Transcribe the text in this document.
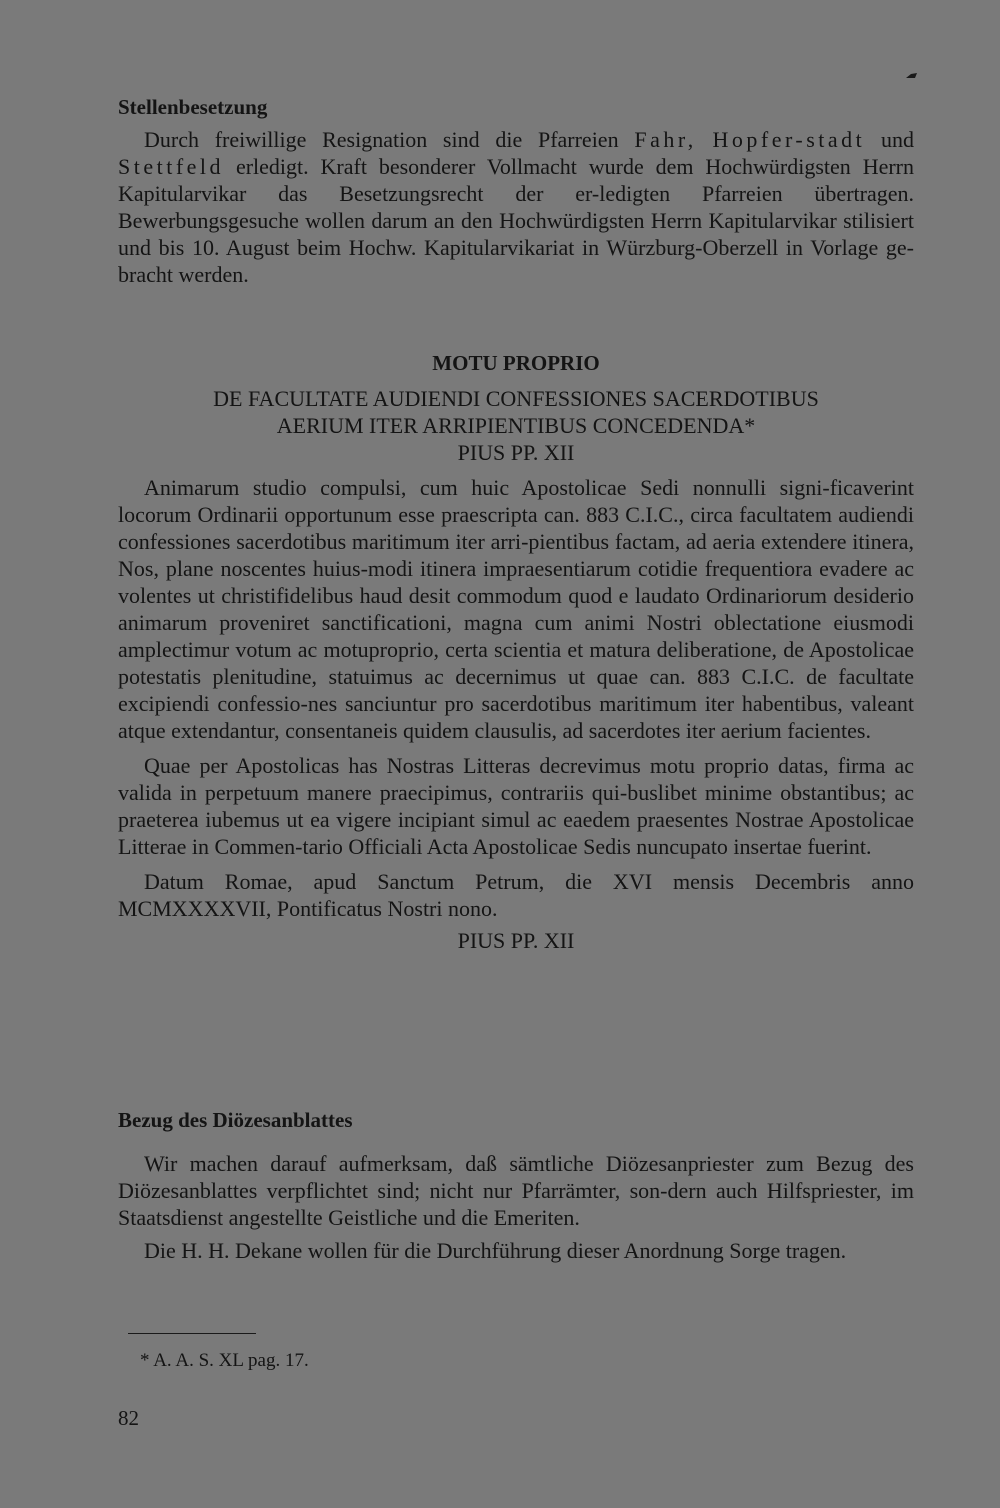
Stellenbesetzung

Durch freiwillige Resignation sind die Pfarreien Fahr, Hopfer-stadt und Stettfeld erledigt. Kraft besonderer Vollmacht wurde dem Hochwürdigsten Herrn Kapitularvikar das Besetzungsrecht der er-ledigten Pfarreien übertragen. Bewerbungsgesuche wollen darum an den Hochwürdigsten Herrn Kapitularvikar stilisiert und bis 10. August beim Hochw. Kapitularvikariat in Würzburg-Oberzell in Vorlage ge-bracht werden.

MOTU PROPRIO

DE FACULTATE AUDIENDI CONFESSIONES SACERDOTIBUS

AERIUM ITER ARRIPIENTIBUS CONCEDENDA*

PIUS PP. XII

Animarum studio compulsi, cum huic Apostolicae Sedi nonnulli signi-ficaverint locorum Ordinarii opportunum esse praescripta can. 883 C.I.C., circa facultatem audiendi confessiones sacerdotibus maritimum iter arri-pientibus factam, ad aeria extendere itinera, Nos, plane noscentes huius-modi itinera impraesentiarum cotidie frequentiora evadere ac volentes ut christifidelibus haud desit commodum quod e laudato Ordinariorum desiderio animarum proveniret sanctificationi, magna cum animi Nostri oblectatione eiusmodi amplectimur votum ac motuproprio, certa scientia et matura deliberatione, de Apostolicae potestatis plenitudine, statuimus ac decernimus ut quae can. 883 C.I.C. de facultate excipiendi confessio-nes sanciuntur pro sacerdotibus maritimum iter habentibus, valeant atque extendantur, consentaneis quidem clausulis, ad sacerdotes iter aerium facientes.

Quae per Apostolicas has Nostras Litteras decrevimus motu proprio datas, firma ac valida in perpetuum manere praecipimus, contrariis qui-buslibet minime obstantibus; ac praeterea iubemus ut ea vigere incipiant simul ac eaedem praesentes Nostrae Apostolicae Litterae in Commen-tario Officiali Acta Apostolicae Sedis nuncupato insertae fuerint.

Datum Romae, apud Sanctum Petrum, die XVI mensis Decembris anno MCMXXXXVII, Pontificatus Nostri nono.

PIUS PP. XII

Bezug des Diözesanblattes

Wir machen darauf aufmerksam, daß sämtliche Diözesanpriester zum Bezug des Diözesanblattes verpflichtet sind; nicht nur Pfarrämter, son-dern auch Hilfspriester, im Staatsdienst angestellte Geistliche und die Emeriten.

Die H. H. Dekane wollen für die Durchführung dieser Anordnung Sorge tragen.

* A. A. S. XL pag. 17.

82
